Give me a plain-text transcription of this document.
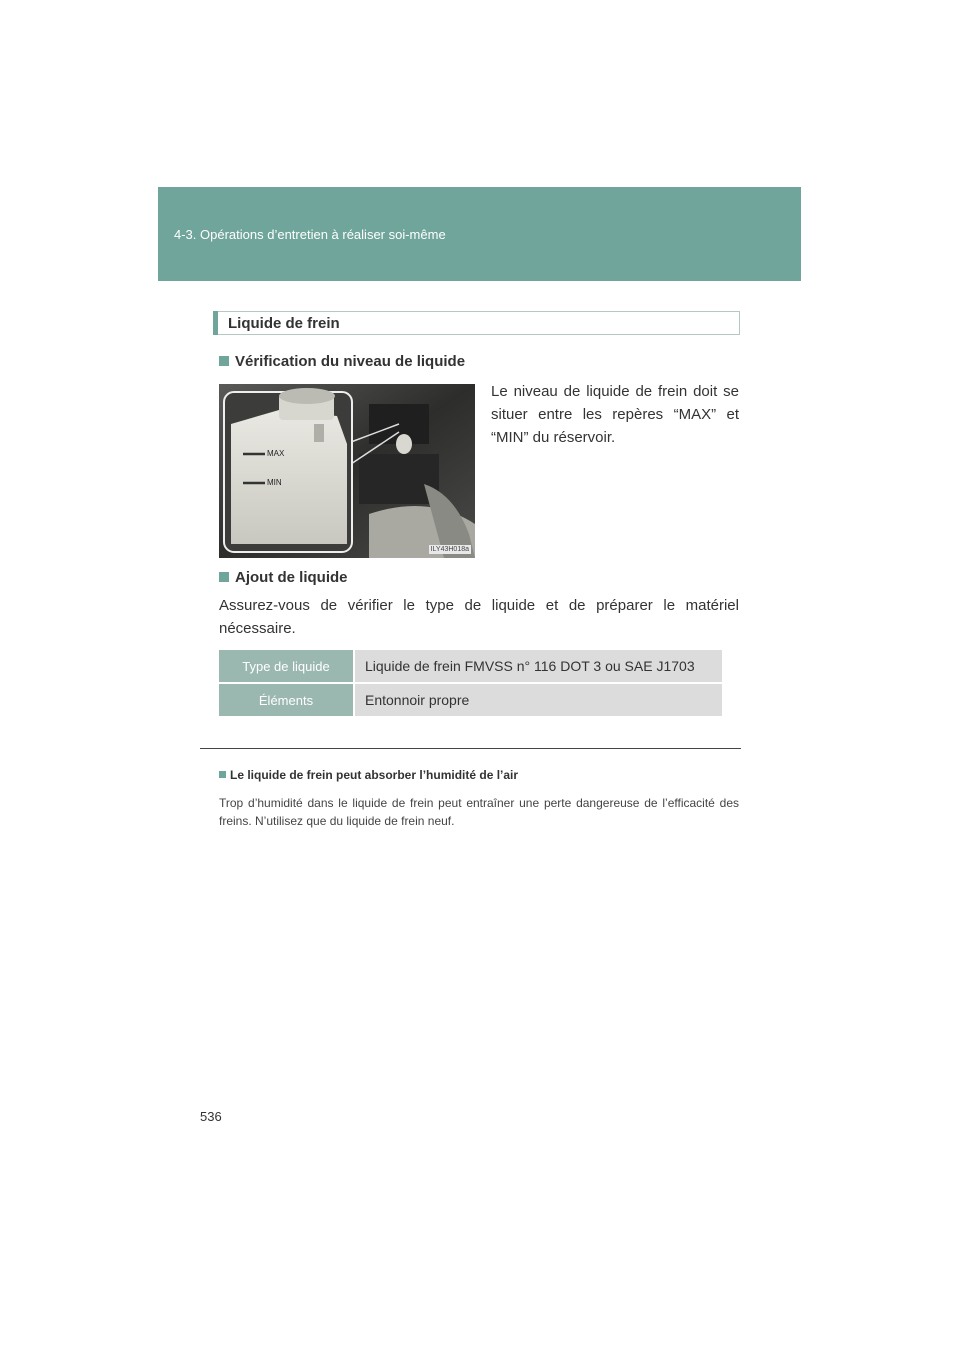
4-3. Opérations d’entretien à réaliser soi-même
Liquide de frein
Vérification du niveau de liquide
MAX
MIN
ILY43H018a
Le niveau de liquide de frein doit se situer entre les repères “MAX” et “MIN” du réservoir.
Ajout de liquide
Assurez-vous de vérifier le type de liquide et de préparer le matériel nécessaire.
Type de liquide	Liquide de frein FMVSS n° 116 DOT 3 ou SAE J1703
Éléments	Entonnoir propre
Le liquide de frein peut absorber l’humidité de l’air
Trop d’humidité dans le liquide de frein peut entraîner une perte dangereuse de l’efficacité des freins. N’utilisez que du liquide de frein neuf.
536
